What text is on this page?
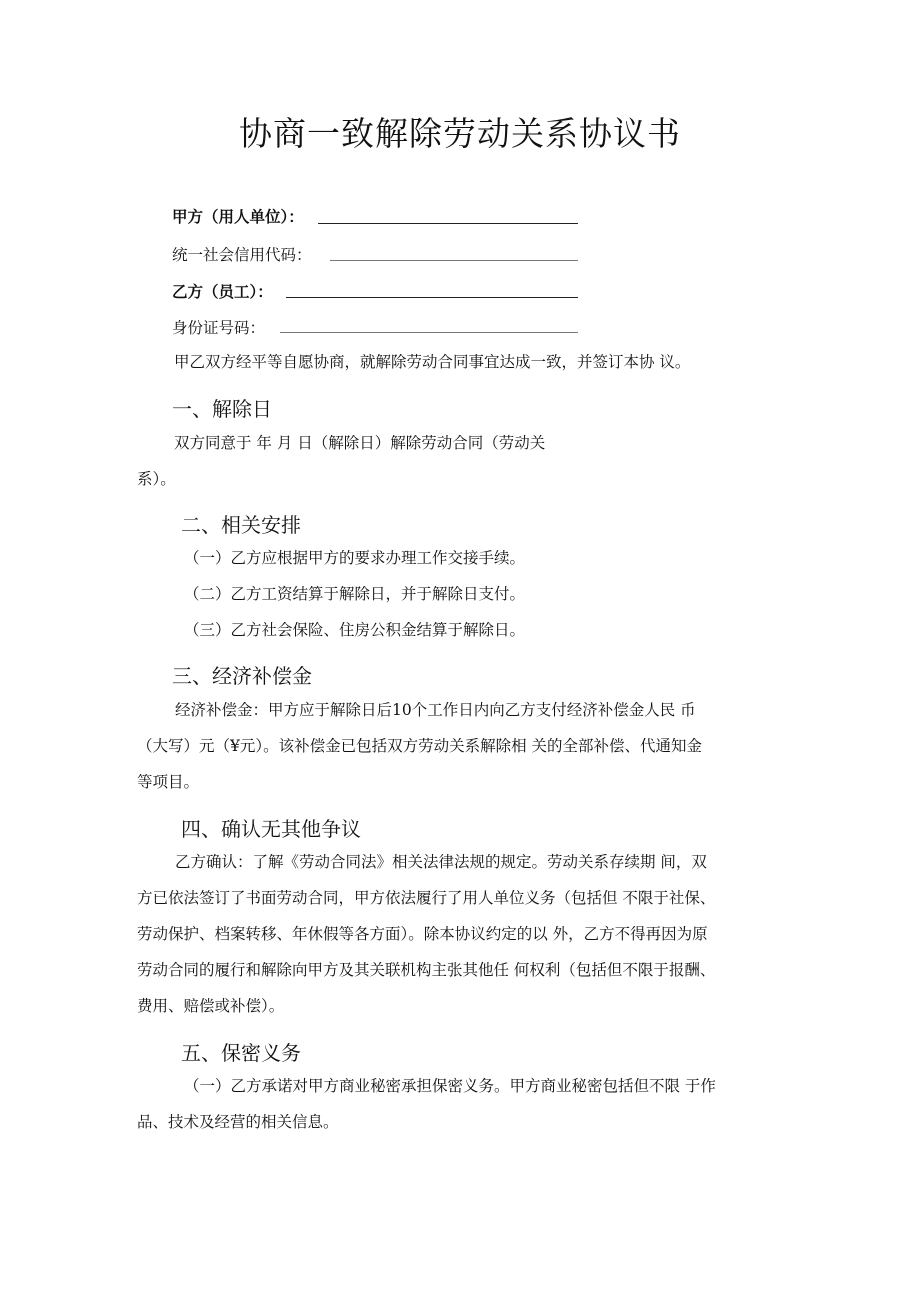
协商一致解除劳动关系协议书
甲方（用人单位）：
统一社会信用代码：
乙方（员工）：
身份证号码：
甲乙双方经平等自愿协商，就解除劳动合同事宜达成一致，并签订本协 议。
一、解除日
双方同意于 年 月 日（解除日）解除劳动合同（劳动关
系）。
二、相关安排
（一）乙方应根据甲方的要求办理工作交接手续。
（二）乙方工资结算于解除日，并于解除日支付。
（三）乙方社会保险、住房公积金结算于解除日。
三、经济补偿金
经济补偿金：甲方应于解除日后10个工作日内向乙方支付经济补偿金人民 币
（大写）元（¥元）。该补偿金已包括双方劳动关系解除相 关的全部补偿、代通知金
等项目。
四、确认无其他争议
乙方确认：了解《劳动合同法》相关法律法规的规定。劳动关系存续期 间，双
方已依法签订了书面劳动合同，甲方依法履行了用人单位义务（包括但 不限于社保、
劳动保护、档案转移、年休假等各方面）。除本协议约定的以 外，乙方不得再因为原
劳动合同的履行和解除向甲方及其关联机构主张其他任 何权利（包括但不限于报酬、
费用、赔偿或补偿）。
五、保密义务
（一）乙方承诺对甲方商业秘密承担保密义务。甲方商业秘密包括但不限 于作
品、技术及经营的相关信息。
